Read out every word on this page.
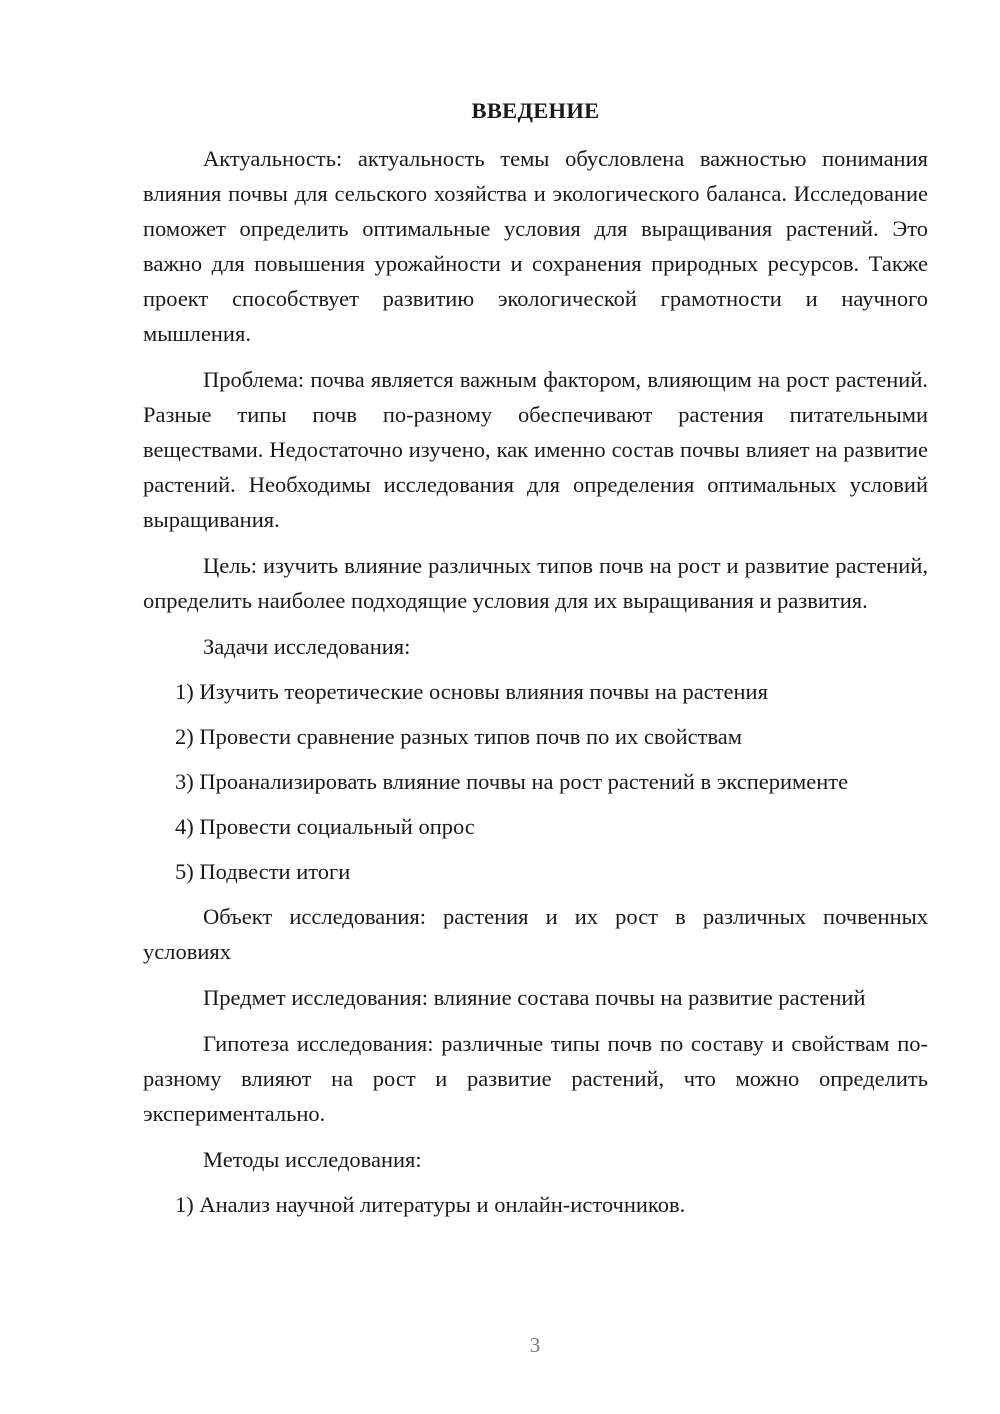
ВВЕДЕНИЕ

Актуальность: актуальность темы обусловлена важностью понимания влияния почвы для сельского хозяйства и экологического баланса. Исследование поможет определить оптимальные условия для выращивания растений. Это важно для повышения урожайности и сохранения природных ресурсов. Также проект способствует развитию экологической грамотности и научного мышления.

Проблема: почва является важным фактором, влияющим на рост растений. Разные типы почв по-разному обеспечивают растения питательными веществами. Недостаточно изучено, как именно состав почвы влияет на развитие растений. Необходимы исследования для определения оптимальных условий выращивания.

Цель: изучить влияние различных типов почв на рост и развитие растений, определить наиболее подходящие условия для их выращивания и развития.

Задачи исследования:

1) Изучить теоретические основы влияния почвы на растения

2) Провести сравнение разных типов почв по их свойствам

3) Проанализировать влияние почвы на рост растений в эксперименте

4) Провести социальный опрос

5) Подвести итоги

Объект исследования: растения и их рост в различных почвенных условиях

Предмет исследования: влияние состава почвы на развитие растений

Гипотеза исследования: различные типы почв по составу и свойствам по-разному влияют на рост и развитие растений, что можно определить экспериментально.

Методы исследования:

1) Анализ научной литературы и онлайн-источников.

3
